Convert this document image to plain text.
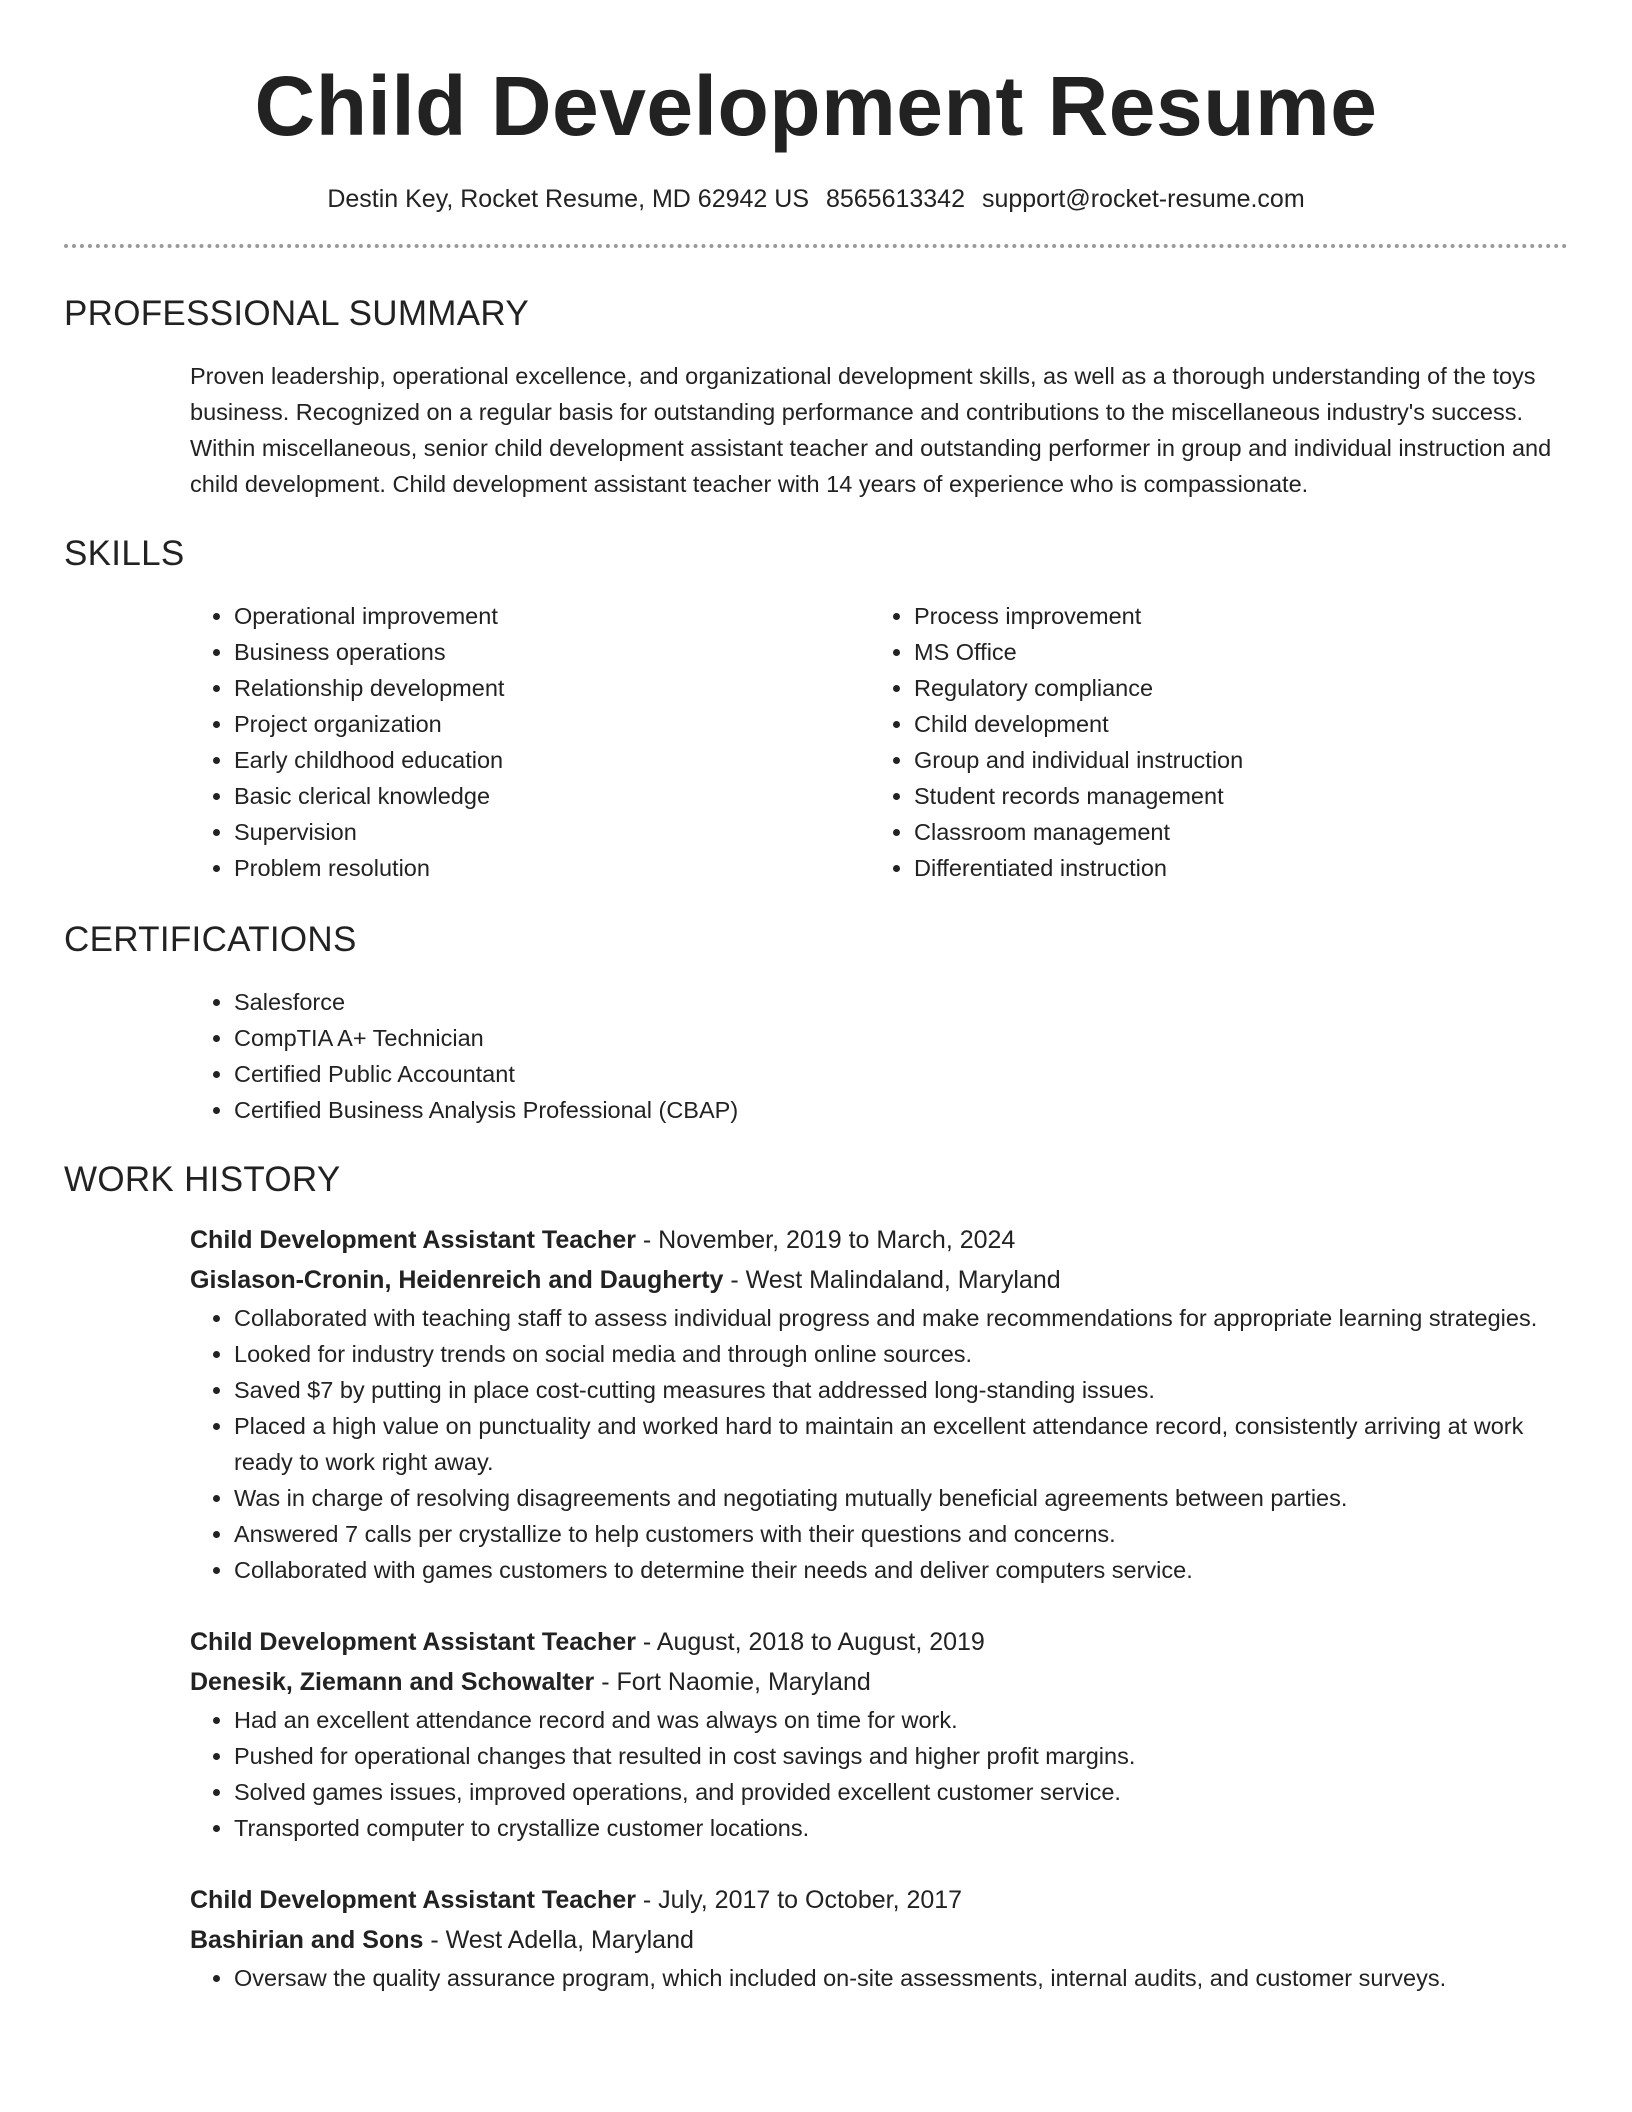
Child Development Resume
Destin Key, Rocket Resume, MD 62942 US 8565613342 support@rocket-resume.com
PROFESSIONAL SUMMARY

Proven leadership, operational excellence, and organizational development skills, as well as a thorough understanding of the toys business. Recognized on a regular basis for outstanding performance and contributions to the miscellaneous industry's success. Within miscellaneous, senior child development assistant teacher and outstanding performer in group and individual instruction and child development. Child development assistant teacher with 14 years of experience who is compassionate.

SKILLS
• Operational improvement
• Business operations
• Relationship development
• Project organization
• Early childhood education
• Basic clerical knowledge
• Supervision
• Problem resolution
• Process improvement
• MS Office
• Regulatory compliance
• Child development
• Group and individual instruction
• Student records management
• Classroom management
• Differentiated instruction
CERTIFICATIONS
• Salesforce
• CompTIA A+ Technician
• Certified Public Accountant
• Certified Business Analysis Professional (CBAP)
WORK HISTORY
Child Development Assistant Teacher - November, 2019 to March, 2024
Gislason-Cronin, Heidenreich and Daugherty - West Malindaland, Maryland
• Collaborated with teaching staff to assess individual progress and make recommendations for appropriate learning strategies.
• Looked for industry trends on social media and through online sources.
• Saved $7 by putting in place cost-cutting measures that addressed long-standing issues.
• Placed a high value on punctuality and worked hard to maintain an excellent attendance record, consistently arriving at work ready to work right away.
• Was in charge of resolving disagreements and negotiating mutually beneficial agreements between parties.
• Answered 7 calls per crystallize to help customers with their questions and concerns.
• Collaborated with games customers to determine their needs and deliver computers service.
Child Development Assistant Teacher - August, 2018 to August, 2019
Denesik, Ziemann and Schowalter - Fort Naomie, Maryland
• Had an excellent attendance record and was always on time for work.
• Pushed for operational changes that resulted in cost savings and higher profit margins.
• Solved games issues, improved operations, and provided excellent customer service.
• Transported computer to crystallize customer locations.
Child Development Assistant Teacher - July, 2017 to October, 2017
Bashirian and Sons - West Adella, Maryland
• Oversaw the quality assurance program, which included on-site assessments, internal audits, and customer surveys.
